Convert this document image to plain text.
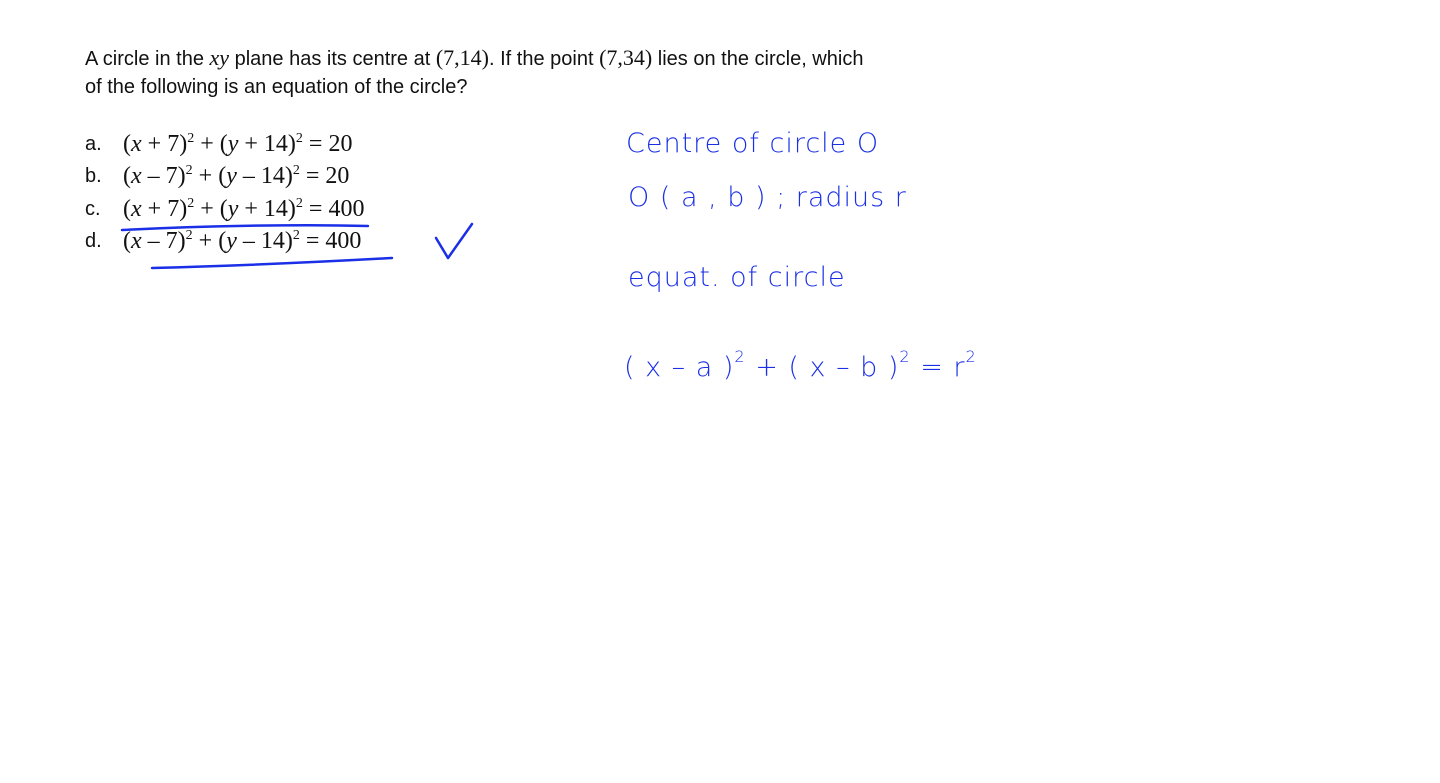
A circle in the xy plane has its centre at (7,14). If the point (7,34) lies on the circle, which
of the following is an equation of the circle?
a. $(x + 7)^2 + (y + 14)^2 = 20$
b. (x – 7)$^2$ + (y – 14)$^2$ = 20
c. $(x + 7)^2 + (y + 14)^2 = 400$
d. (x – 7)$^2$ + (y – 14)$^2$ = 400
Centre of circle O
O ( a , b ) ; radius r
equat. of circle
( x – a )$^2$ + ( x – b )$^2 = r^2$
